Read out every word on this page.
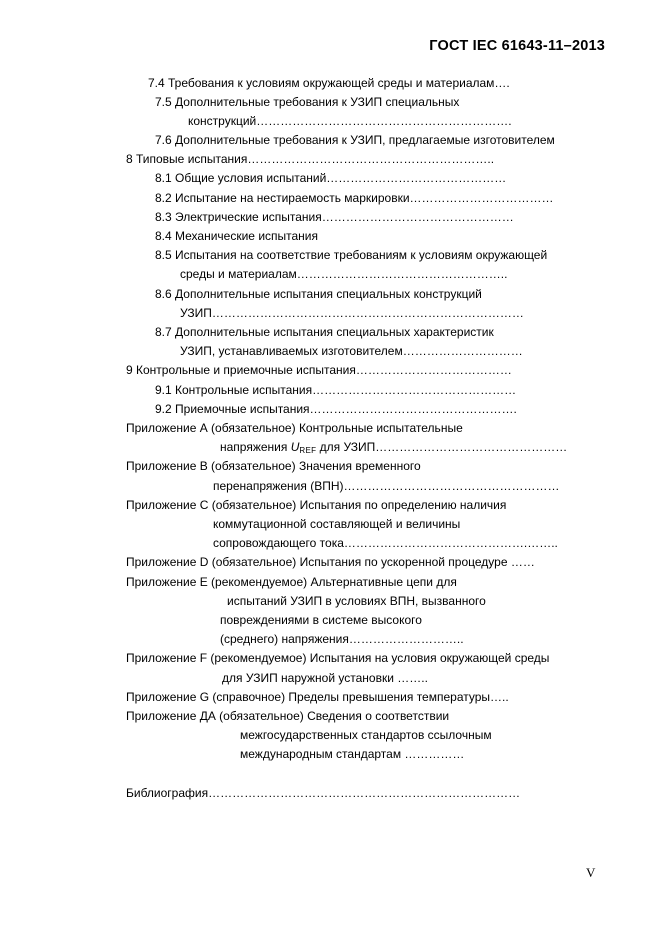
ГОСТ IEC 61643-11–2013
7.4 Требования к условиям окружающей среды и материалам….
7.5 Дополнительные требования к УЗИП специальных
конструкций……………………………………………………….
7.6 Дополнительные требования к УЗИП, предлагаемые изготовителем
8 Типовые испытания……………………………………………………..
8.1 Общие условия испытаний………………………………………
8.2 Испытание на нестираемость маркировки………………………………
8.3 Электрические испытания…………………………………………
8.4 Механические испытания
8.5 Испытания на соответствие требованиям к условиям окружающей
среды и материалам……………………………………………..
8.6 Дополнительные испытания специальных конструкций
УЗИП……………………………………………………………………
8.7 Дополнительные испытания специальных характеристик
УЗИП, устанавливаемых изготовителем…………………………
9 Контрольные и приемочные испытания…………………………………
9.1 Контрольные испытания……………………………………………
9.2 Приемочные испытания…………………………………………….
Приложение А (обязательное) Контрольные испытательные
напряжения $U_{REF}$ для УЗИП…………………………………………
Приложение В (обязательное) Значения временного
перенапряжения (ВПН)………………………………………………
Приложение С (обязательное) Испытания по определению наличия
коммутационной составляющей и величины
сопровождающего тока……………………………………….……..
Приложение D (обязательное) Испытания по ускоренной процедуре ……
Приложение Е (рекомендуемое) Альтернативные цепи для
испытаний УЗИП в условиях ВПН, вызванного
повреждениями в системе высокого
(среднего) напряжения………………………..
Приложение F (рекомендуемое) Испытания на условия окружающей среды
для УЗИП наружной установки ……..
Приложение G (справочное) Пределы превышения температуры…..
Приложение ДА (обязательное) Сведения о соответствии
межгосударственных стандартов ссылочным
международным стандартам ……………
Библиография……………………………………………………………………
V
